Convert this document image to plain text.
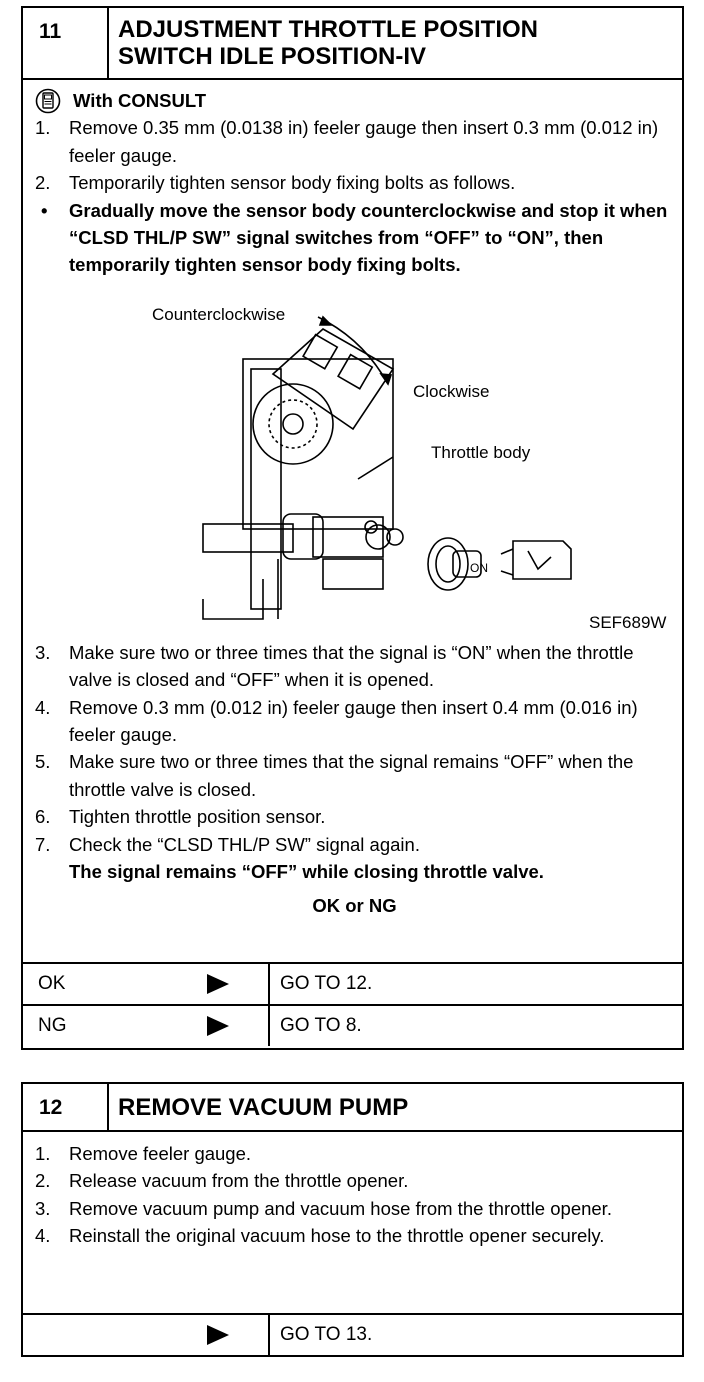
11	ADJUSTMENT THROTTLE POSITION
SWITCH IDLE POSITION-IV
With CONSULT
1. Remove 0.35 mm (0.0138 in) feeler gauge then insert 0.3 mm (0.012 in) feeler gauge.
2. Temporarily tighten sensor body fixing bolts as follows.
• Gradually move the sensor body counterclockwise and stop it when “CLSD THL/P SW” signal switches from “OFF” to “ON”, then temporarily tighten sensor body fixing bolts.
Counterclockwise
Clockwise
Throttle body
ON
SEF689W
3. Make sure two or three times that the signal is “ON” when the throttle valve is closed and “OFF” when it is opened.
4. Remove 0.3 mm (0.012 in) feeler gauge then insert 0.4 mm (0.016 in) feeler gauge.
5. Make sure two or three times that the signal remains “OFF” when the throttle valve is closed.
6. Tighten throttle position sensor.
7. Check the “CLSD THL/P SW” signal again.
The signal remains “OFF” while closing throttle valve.
OK or NG
OK	GO TO 12.
NG	GO TO 8.
12	REMOVE VACUUM PUMP
1. Remove feeler gauge.
2. Release vacuum from the throttle opener.
3. Remove vacuum pump and vacuum hose from the throttle opener.
4. Reinstall the original vacuum hose to the throttle opener securely.
GO TO 13.
